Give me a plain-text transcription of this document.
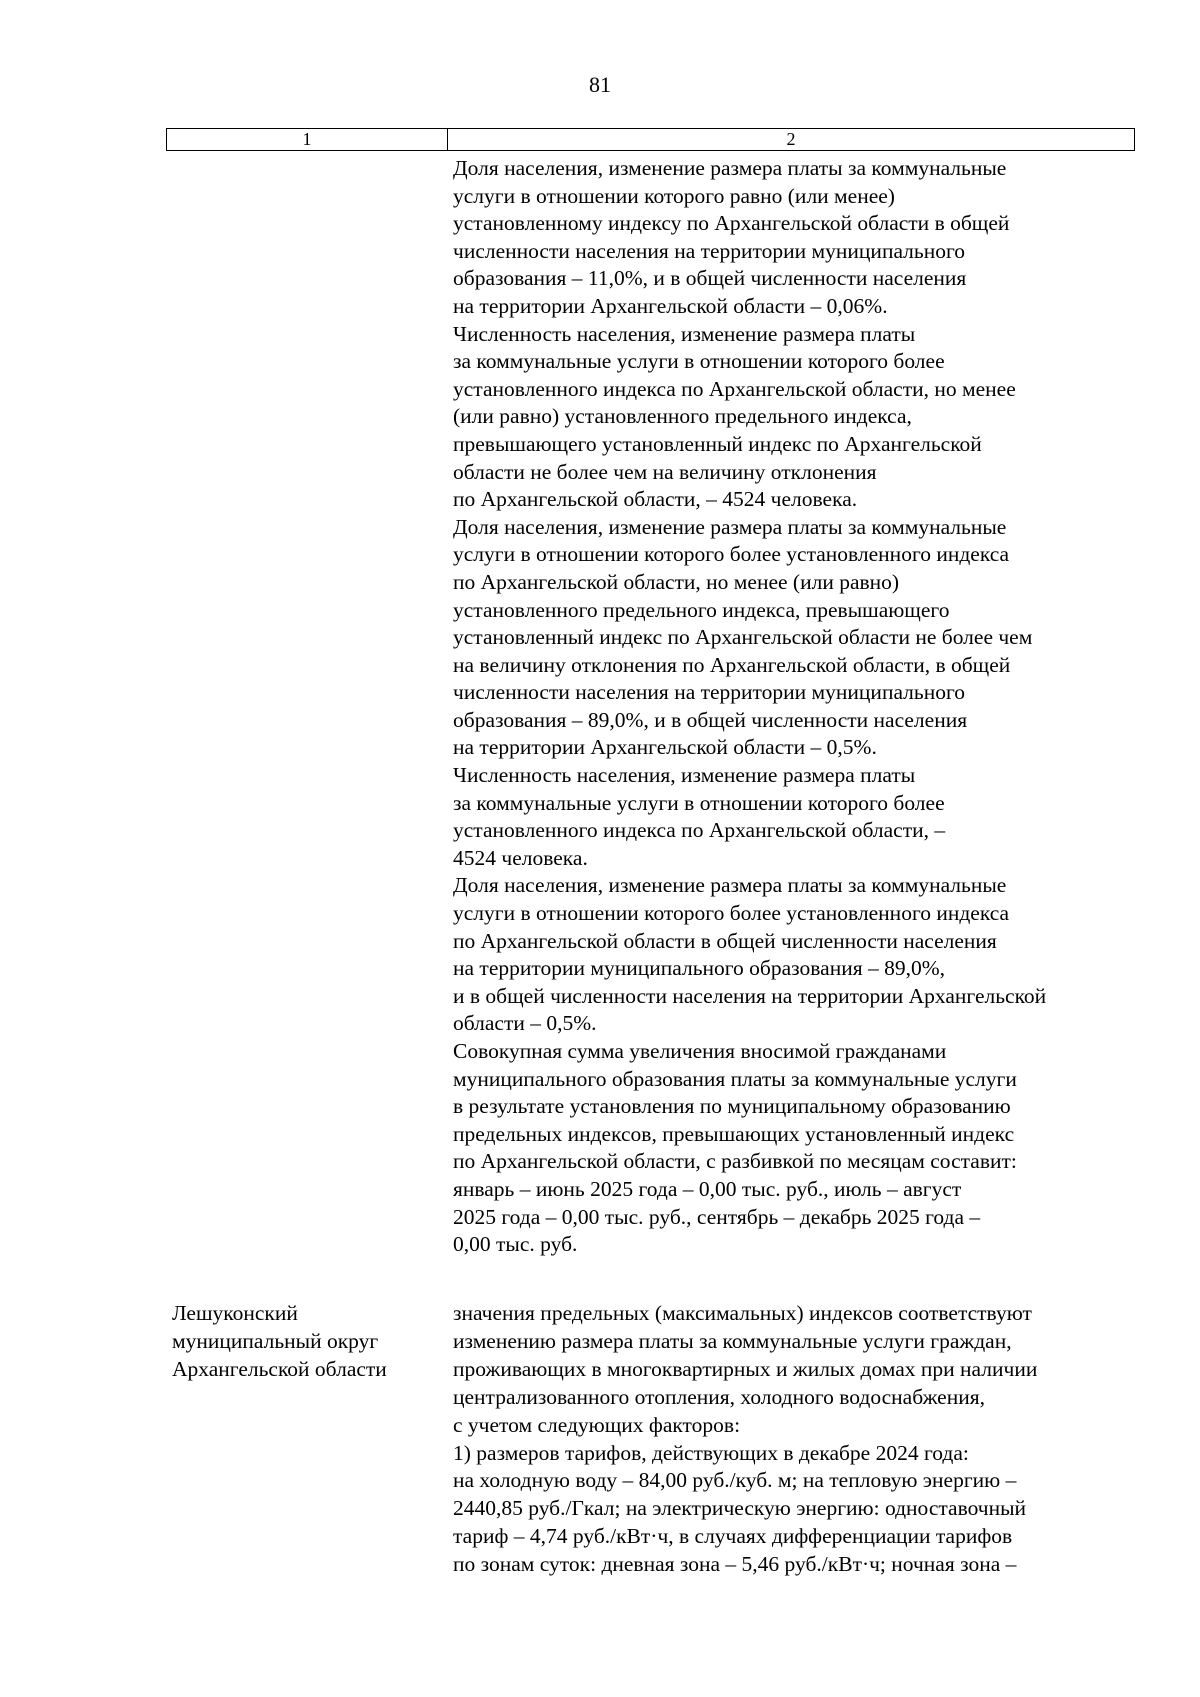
81
1	2
Доля населения, изменение размера платы за коммунальные
услуги в отношении которого равно (или менее)
установленному индексу по Архангельской области в общей
численности населения на территории муниципального
образования – 11,0%, и в общей численности населения
на территории Архангельской области – 0,06%.
Численность населения, изменение размера платы
за коммунальные услуги в отношении которого более
установленного индекса по Архангельской области, но менее
(или равно) установленного предельного индекса,
превышающего установленный индекс по Архангельской
области не более чем на величину отклонения
по Архангельской области, – 4524 человека.
Доля населения, изменение размера платы за коммунальные
услуги в отношении которого более установленного индекса
по Архангельской области, но менее (или равно)
установленного предельного индекса, превышающего
установленный индекс по Архангельской области не более чем
на величину отклонения по Архангельской области, в общей
численности населения на территории муниципального
образования – 89,0%, и в общей численности населения
на территории Архангельской области – 0,5%.
Численность населения, изменение размера платы
за коммунальные услуги в отношении которого более
установленного индекса по Архангельской области, –
4524 человека.
Доля населения, изменение размера платы за коммунальные
услуги в отношении которого более установленного индекса
по Архангельской области в общей численности населения
на территории муниципального образования – 89,0%,
и в общей численности населения на территории Архангельской
области – 0,5%.
Совокупная сумма увеличения вносимой гражданами
муниципального образования платы за коммунальные услуги
в результате установления по муниципальному образованию
предельных индексов, превышающих установленный индекс
по Архангельской области, с разбивкой по месяцам составит:
январь – июнь 2025 года – 0,00 тыс. руб., июль – август
2025 года – 0,00 тыс. руб., сентябрь – декабрь 2025 года –
0,00 тыс. руб.
Лешуконский
муниципальный округ
Архангельской области
значения предельных (максимальных) индексов соответствуют
изменению размера платы за коммунальные услуги граждан,
проживающих в многоквартирных и жилых домах при наличии
централизованного отопления, холодного водоснабжения,
с учетом следующих факторов:
1) размеров тарифов, действующих в декабре 2024 года:
на холодную воду – 84,00 руб./куб. м; на тепловую энергию –
2440,85 руб./Гкал; на электрическую энергию: одноставочный
тариф – 4,74 руб./кВт·ч, в случаях дифференциации тарифов
по зонам суток: дневная зона – 5,46 руб./кВт·ч; ночная зона –
